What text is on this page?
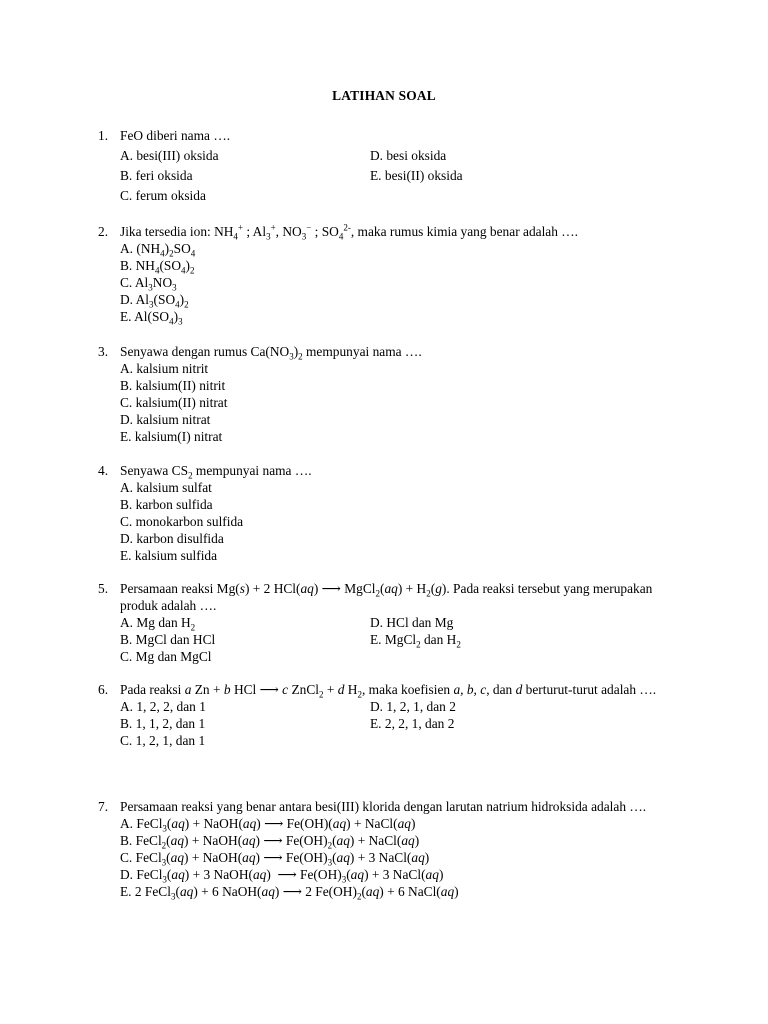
LATIHAN SOAL
1. FeO diberi nama ….
A. besi(III) oksida	D. besi oksida
B. feri oksida	E. besi(II) oksida
C. ferum oksida
2. Jika tersedia ion: $NH_4^+$ ; $Al_3^+$, $NO_3^-$ ; $SO_4^{2-}$, maka rumus kimia yang benar adalah ….
A. $(NH_4)_2SO_4$
B. $NH_4(SO_4)_2$
C. $Al_3NO_3$
D. $Al_3(SO_4)_2$
E. $Al(SO_4)_3$
3. Senyawa dengan rumus $Ca(NO_3)_2$ mempunyai nama ….
A. kalsium nitrit
B. kalsium(II) nitrit
C. kalsium(II) nitrat
D. kalsium nitrat
E. kalsium(I) nitrat
4. Senyawa $CS_2$ mempunyai nama ….
A. kalsium sulfat
B. karbon sulfida
C. monokarbon sulfida
D. karbon disulfida
E. kalsium sulfida
5. Persamaan reaksi Mg(s) + 2 HCl(aq) ⟶ MgCl$_2$(aq) + $H_2(g)$. Pada reaksi tersebut yang merupakan produk adalah ….
A. Mg dan $H_2$	D. HCl dan Mg
B. MgCl dan HCl	E. MgCl$_2$ dan $H_2$
C. Mg dan MgCl
6. Pada reaksi a Zn + b HCl ⟶ c ZnCl$_2$ + d $H_2$, maka koefisien a, b, c, dan d berturut-turut adalah ….
A. 1, 2, 2, dan 1	D. 1, 2, 1, dan 2
B. 1, 1, 2, dan 1	E. 2, 2, 1, dan 2
C. 1, 2, 1, dan 1
7. Persamaan reaksi yang benar antara besi(III) klorida dengan larutan natrium hidroksida adalah ….
A. FeCl$_3$(aq) + NaOH(aq) ⟶ Fe(OH)(aq) + NaCl(aq)
B. FeCl$_2$(aq) + NaOH(aq) ⟶ $Fe(OH)_2(aq)$ + NaCl(aq)
C. FeCl$_3$(aq) + NaOH(aq) ⟶ $Fe(OH)_3(aq) + 3$ NaCl(aq)
D. FeCl$_3$(aq) + 3 NaOH(aq)  ⟶ $Fe(OH)_3(aq) + 3$ NaCl(aq)
E. 2 FeCl$_3$(aq) + 6 NaOH(aq) ⟶ 2 $Fe(OH)_2(aq) + 6$ NaCl(aq)
